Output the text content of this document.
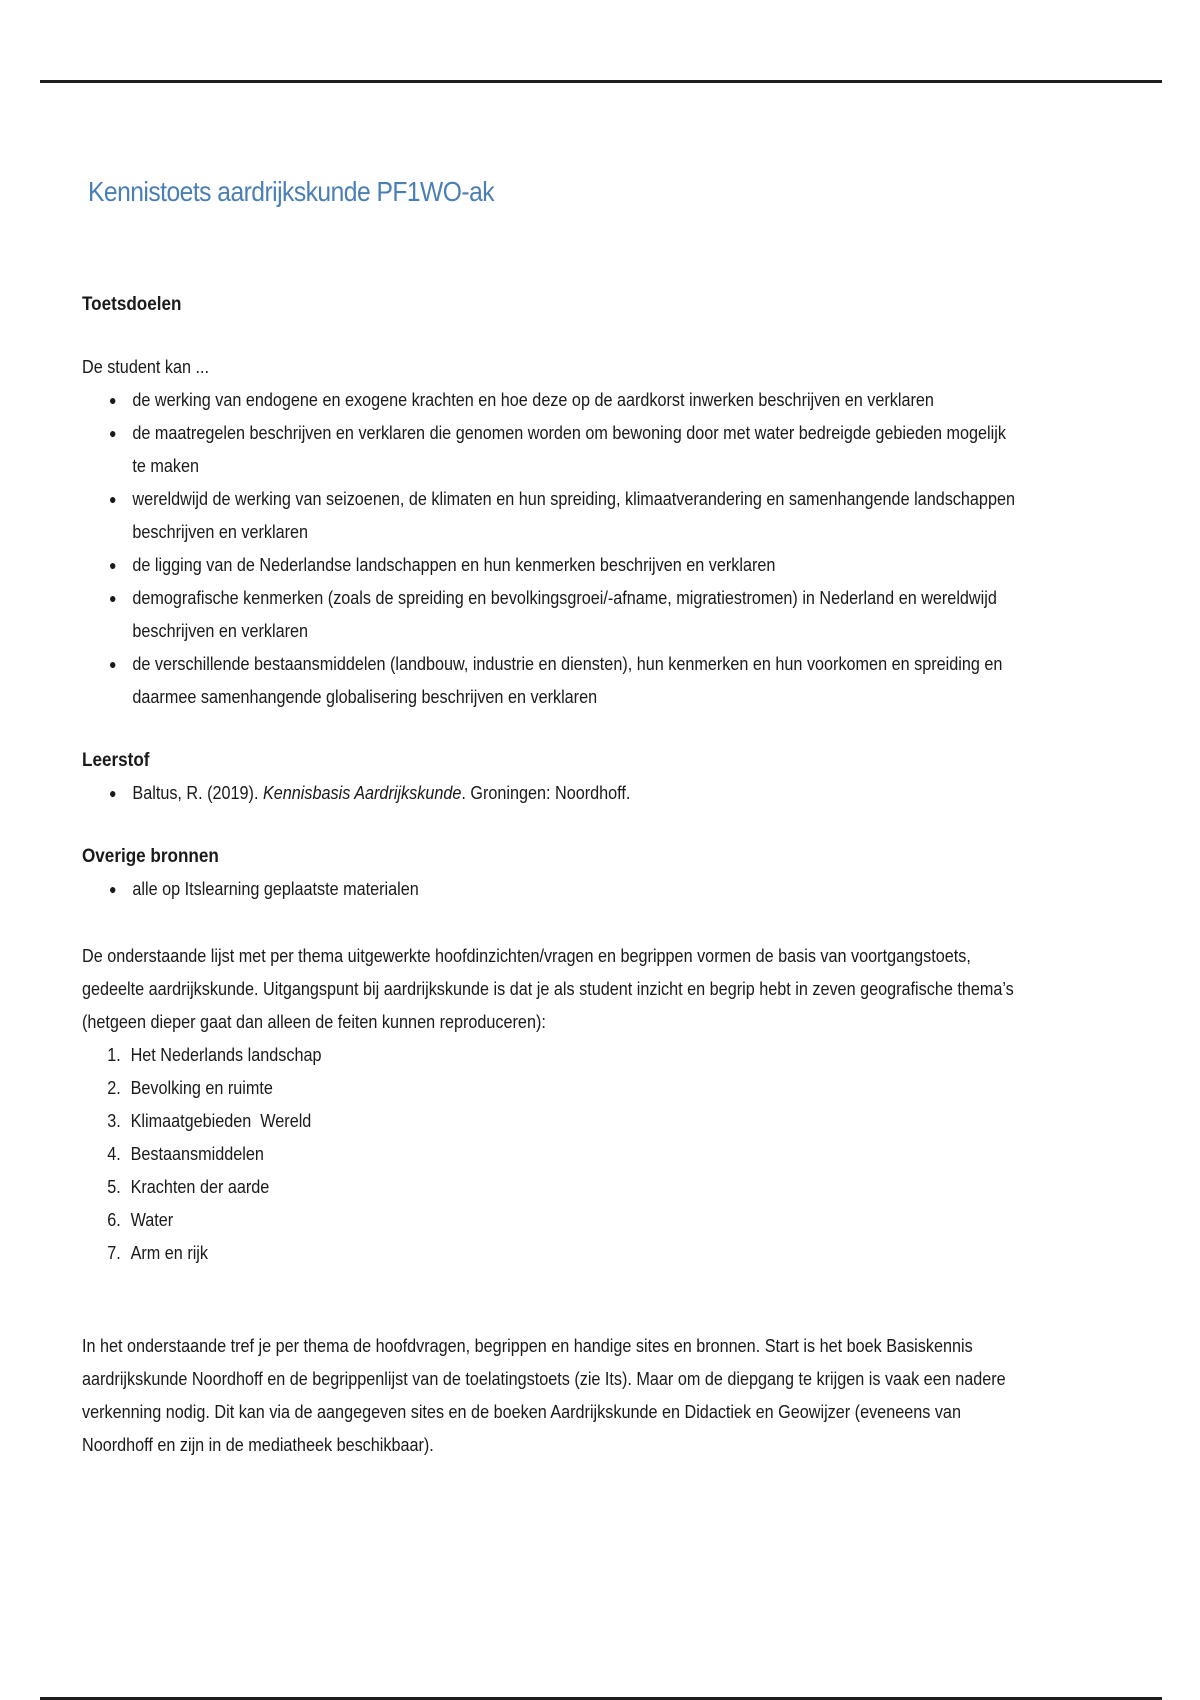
Kennistoets aardrijkskunde PF1WO-ak

Toetsdoelen

De student kan ...

● de werking van endogene en exogene krachten en hoe deze op de aardkorst inwerken beschrijven en verklaren
● de maatregelen beschrijven en verklaren die genomen worden om bewoning door met water bedreigde gebieden mogelijk te maken
● wereldwijd de werking van seizoenen, de klimaten en hun spreiding, klimaatverandering en samenhangende landschappen beschrijven en verklaren
● de ligging van de Nederlandse landschappen en hun kenmerken beschrijven en verklaren
● demografische kenmerken (zoals de spreiding en bevolkingsgroei/-afname, migratiestromen) in Nederland en wereldwijd beschrijven en verklaren
● de verschillende bestaansmiddelen (landbouw, industrie en diensten), hun kenmerken en hun voorkomen en spreiding en daarmee samenhangende globalisering beschrijven en verklaren

Leerstof

● Baltus, R. (2019). Kennisbasis Aardrijkskunde. Groningen: Noordhoff.

Overige bronnen

● alle op Itslearning geplaatste materialen

De onderstaande lijst met per thema uitgewerkte hoofdinzichten/vragen en begrippen vormen de basis van voortgangstoets, gedeelte aardrijkskunde. Uitgangspunt bij aardrijkskunde is dat je als student inzicht en begrip hebt in zeven geografische thema’s (hetgeen dieper gaat dan alleen de feiten kunnen reproduceren):

1. Het Nederlands landschap
2. Bevolking en ruimte
3. Klimaatgebieden  Wereld
4. Bestaansmiddelen
5. Krachten der aarde
6. Water
7. Arm en rijk

In het onderstaande tref je per thema de hoofdvragen, begrippen en handige sites en bronnen. Start is het boek Basiskennis aardrijkskunde Noordhoff en de begrippenlijst van de toelatingstoets (zie Its). Maar om de diepgang te krijgen is vaak een nadere verkenning nodig. Dit kan via de aangegeven sites en de boeken Aardrijkskunde en Didactiek en Geowijzer (eveneens van Noordhoff en zijn in de mediatheek beschikbaar).
